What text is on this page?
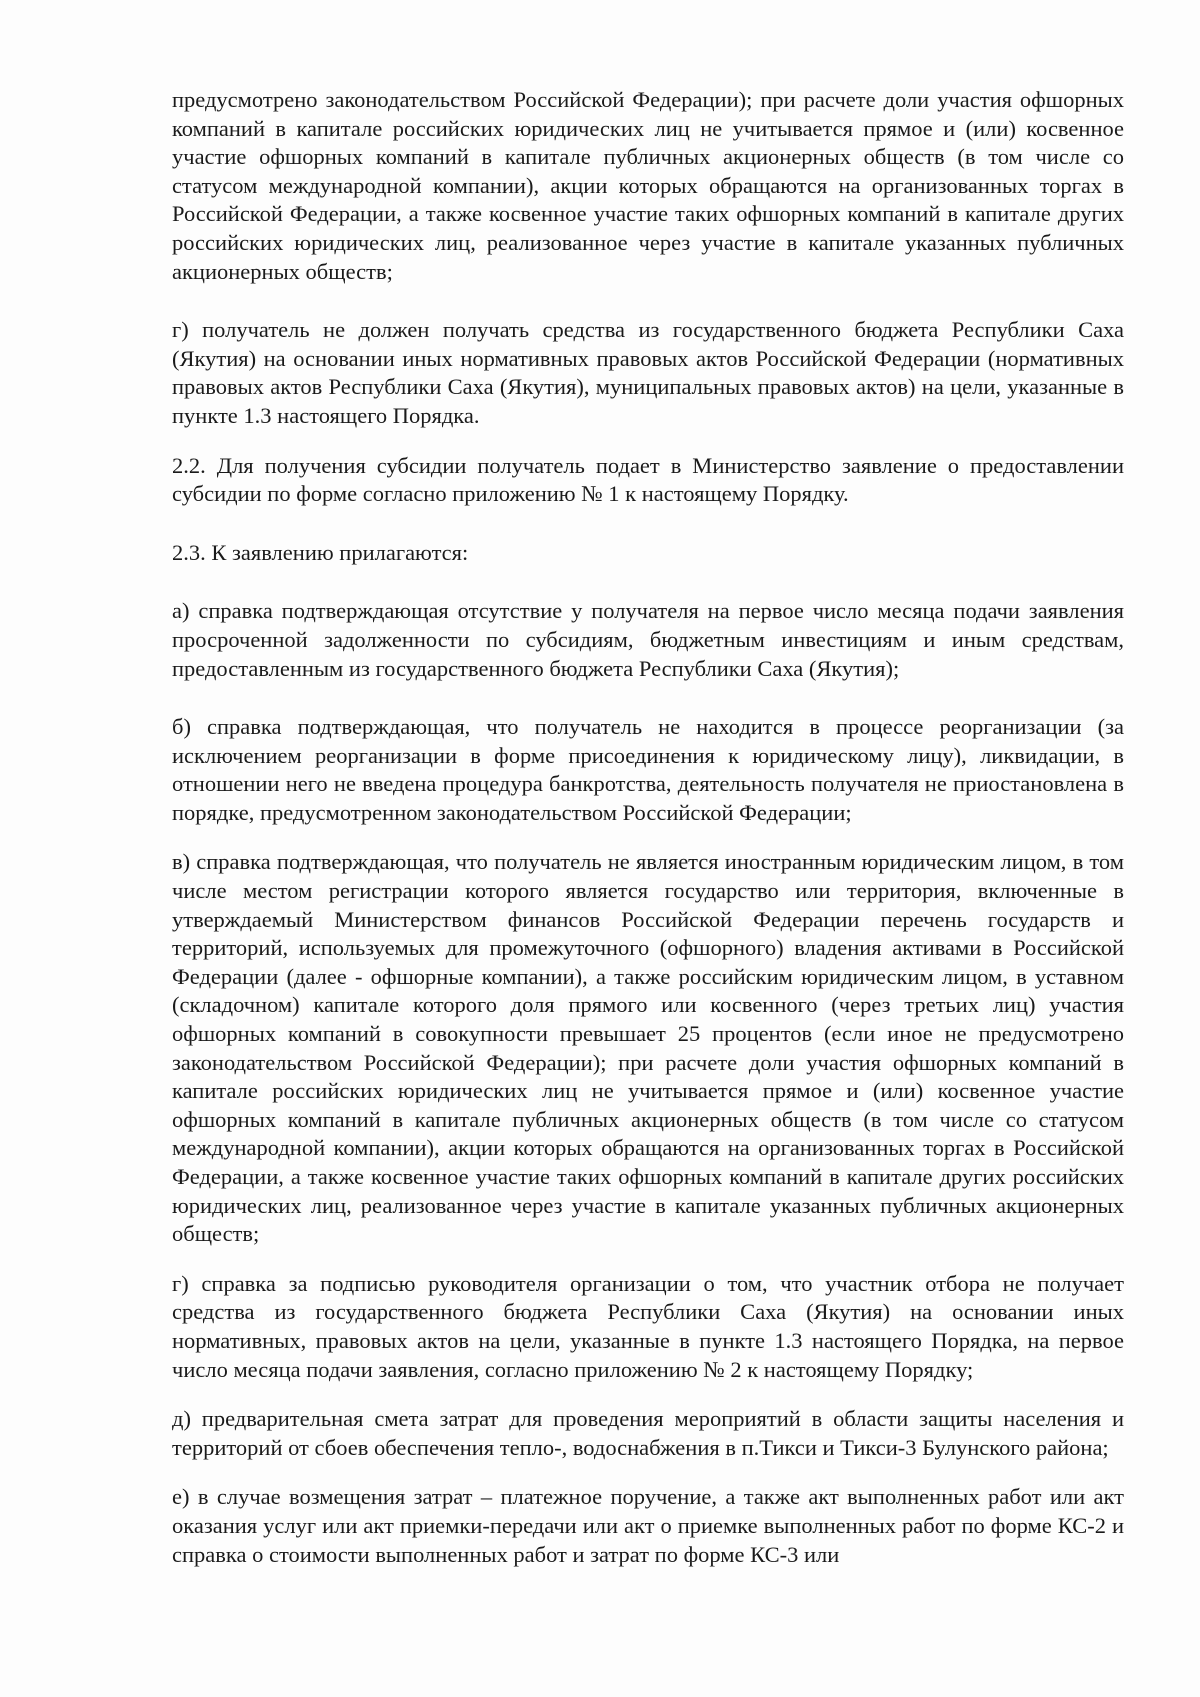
предусмотрено законодательством Российской Федерации); при расчете доли участия офшорных компаний в капитале российских юридических лиц не учитывается прямое и (или) косвенное участие офшорных компаний в капитале публичных акционерных обществ (в том числе со статусом международной компании), акции которых обращаются на организованных торгах в Российской Федерации, а также косвенное участие таких офшорных компаний в капитале других российских юридических лиц, реализованное через участие в капитале указанных публичных акционерных обществ;

г) получатель не должен получать средства из государственного бюджета Республики Саха (Якутия) на основании иных нормативных правовых актов Российской Федерации (нормативных правовых актов Республики Саха (Якутия), муниципальных правовых актов) на цели, указанные в пункте 1.3 настоящего Порядка.

2.2. Для получения субсидии получатель подает в Министерство заявление о предоставлении субсидии по форме согласно приложению № 1 к настоящему Порядку.

2.3. К заявлению прилагаются:

а) справка подтверждающая отсутствие у получателя на первое число месяца подачи заявления просроченной задолженности по субсидиям, бюджетным инвестициям и иным средствам, предоставленным из государственного бюджета Республики Саха (Якутия);

б) справка подтверждающая, что получатель не находится в процессе реорганизации (за исключением реорганизации в форме присоединения к юридическому лицу), ликвидации, в отношении него не введена процедура банкротства, деятельность получателя не приостановлена в порядке, предусмотренном законодательством Российской Федерации;

в) справка подтверждающая, что получатель не является иностранным юридическим лицом, в том числе местом регистрации которого является государство или территория, включенные в утверждаемый Министерством финансов Российской Федерации перечень государств и территорий, используемых для промежуточного (офшорного) владения активами в Российской Федерации (далее - офшорные компании), а также российским юридическим лицом, в уставном (складочном) капитале которого доля прямого или косвенного (через третьих лиц) участия офшорных компаний в совокупности превышает 25 процентов (если иное не предусмотрено законодательством Российской Федерации); при расчете доли участия офшорных компаний в капитале российских юридических лиц не учитывается прямое и (или) косвенное участие офшорных компаний в капитале публичных акционерных обществ (в том числе со статусом международной компании), акции которых обращаются на организованных торгах в Российской Федерации, а также косвенное участие таких офшорных компаний в капитале других российских юридических лиц, реализованное через участие в капитале указанных публичных акционерных обществ;

г) справка за подписью руководителя организации о том, что участник отбора не получает средства из государственного бюджета Республики Саха (Якутия) на основании иных нормативных, правовых актов на цели, указанные в пункте 1.3 настоящего Порядка, на первое число месяца подачи заявления, согласно приложению № 2 к настоящему Порядку;

д) предварительная смета затрат для проведения мероприятий в области защиты населения и территорий от сбоев обеспечения тепло-, водоснабжения в п.Тикси и Тикси-3 Булунского района;

е) в случае возмещения затрат – платежное поручение, а также акт выполненных работ или акт оказания услуг или акт приемки-передачи или акт о приемке выполненных работ по форме КС-2 и справка о стоимости выполненных работ и затрат по форме КС-3 или
